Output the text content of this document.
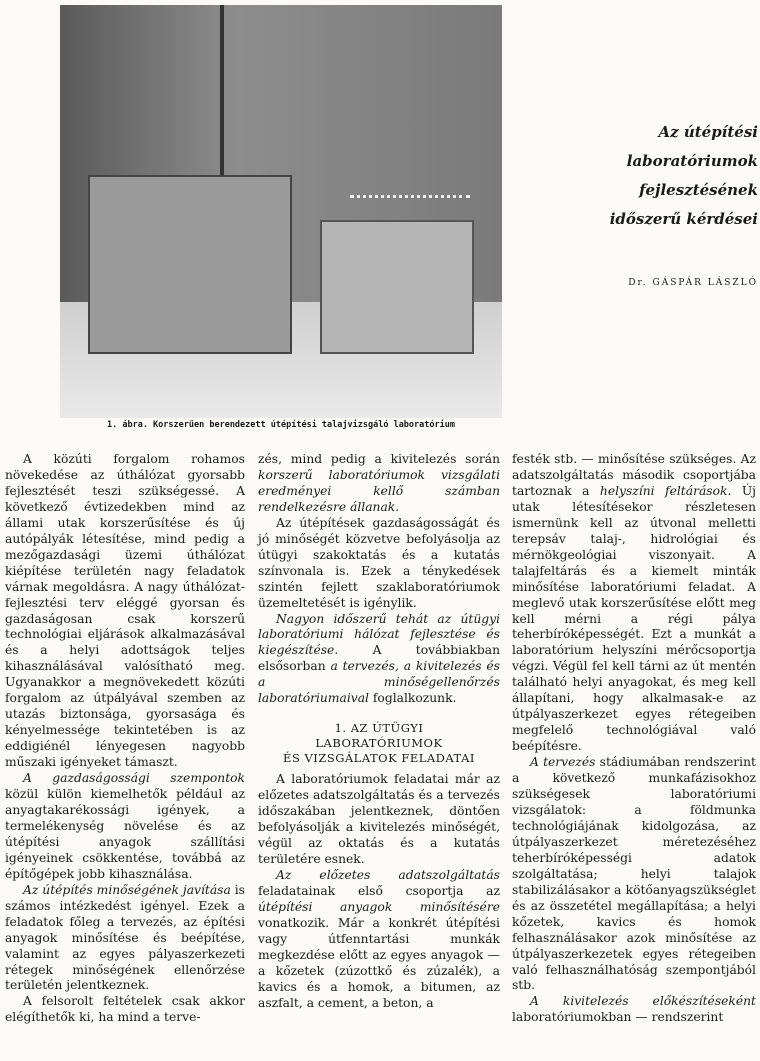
1. ábra. Korszerűen berendezett útépítési talajvizsgáló laboratórium
Az útépítési
laboratóriumok
fejlesztésének
időszerű kérdései
Dr. GÁSPÁR LÁSZLÓ

A közúti forgalom rohamos növekedése az úthálózat gyorsabb fejlesztését teszi szükségessé. A következő évtizedekben mind az állami utak korszerűsítése és új autópályák létesítése, mind pedig a mezőgazdasági üzemi úthálózat kiépítése területén nagy feladatok várnak megoldásra. A nagy úthálózat-fejlesztési terv eléggé gyorsan és gazdaságosan csak korszerű technológiai eljárások alkalmazásával és a helyi adottságok teljes kihasználásával valósítható meg. Ugyanakkor a megnövekedett közúti forgalom az útpályával szemben az utazás biztonsága, gyorsasága és kényelmessége tekintetében is az eddigiénél lényegesen nagyobb műszaki igényeket támaszt.

A gazdaságossági szempontok közül külön kiemelhetők például az anyagtakarékossági igények, a termelékenység növelése és az útépítési anyagok szállítási igényeinek csökkentése, továbbá az építőgépek jobb kihasználása.

Az útépítés minőségének javítása is számos intézkedést igényel. Ezek a feladatok főleg a tervezés, az építési anyagok minősítése és beépítése, valamint az egyes pályaszerkezeti rétegek minőségének ellenőrzése területén jelentkeznek.

A felsorolt feltételek csak akkor elégíthetők ki, ha mind a terve-

zés, mind pedig a kivitelezés során korszerű laboratóriumok vizsgálati eredményei kellő számban rendelkezésre állanak.

Az útépítések gazdaságosságát és jó minőségét közvetve befolyásolja az útügyi szakoktatás és a kutatás színvonala is. Ezek a ténykedések szintén fejlett szaklaboratóriumok üzemeltetését is igénylik.

Nagyon időszerű tehát az útügyi laboratóriumi hálózat fejlesztése és kiegészítése. A továbbiakban elsősorban a tervezés, a kivitelezés és a minőségellenőrzés laboratóriumaival foglalkozunk.

1. AZ ÚTÜGYI
LABORATÓRIUMOK
ÉS VIZSGÁLATOK FELADATAI

A laboratóriumok feladatai már az előzetes adatszolgáltatás és a tervezés időszakában jelentkeznek, döntően befolyásolják a kivitelezés minőségét, végül az oktatás és a kutatás területére esnek.

Az előzetes adatszolgáltatás feladatainak első csoportja az útépítési anyagok minősítésére vonatkozik. Már a konkrét útépítési vagy útfenntartási munkák megkezdése előtt az egyes anyagok — a kőzetek (zúzottkő és zúzalék), a kavics és a homok, a bitumen, az aszfalt, a cement, a beton, a

festék stb. — minősítése szükséges. Az adatszolgáltatás második csoportjába tartoznak a helyszíni feltárások. Új utak létesítésekor részletesen ismernünk kell az útvonal melletti terepsáv talaj-, hidrológiai és mérnökgeológiai viszonyait. A talajfeltárás és a kiemelt minták minősítése laboratóriumi feladat. A meglevő utak korszerűsítése előtt meg kell mérni a régi pálya teherbíróképességét. Ezt a munkát a laboratórium helyszíni mérőcsoportja végzi. Végül fel kell tárni az út mentén található helyi anyagokat, és meg kell állapítani, hogy alkalmasak-e az útpályaszerkezet egyes rétegeiben megfelelő technológiával való beépítésre.

A tervezés stádiumában rendszerint a következő munkafázisokhoz szükségesek laboratóriumi vizsgálatok: a földmunka technológiájának kidolgozása, az útpályaszerkezet méretezéséhez teherbíróképességi adatok szolgáltatása; helyi talajok stabilizálásakor a kötőanyagszükséglet és az összetétel megállapítása; a helyi kőzetek, kavics és homok felhasználásakor azok minősítése az útpályaszerkezetek egyes rétegeiben való felhasználhatóság szempontjából stb.

A kivitelezés előkészítéseként laboratóriumokban — rendszerint
